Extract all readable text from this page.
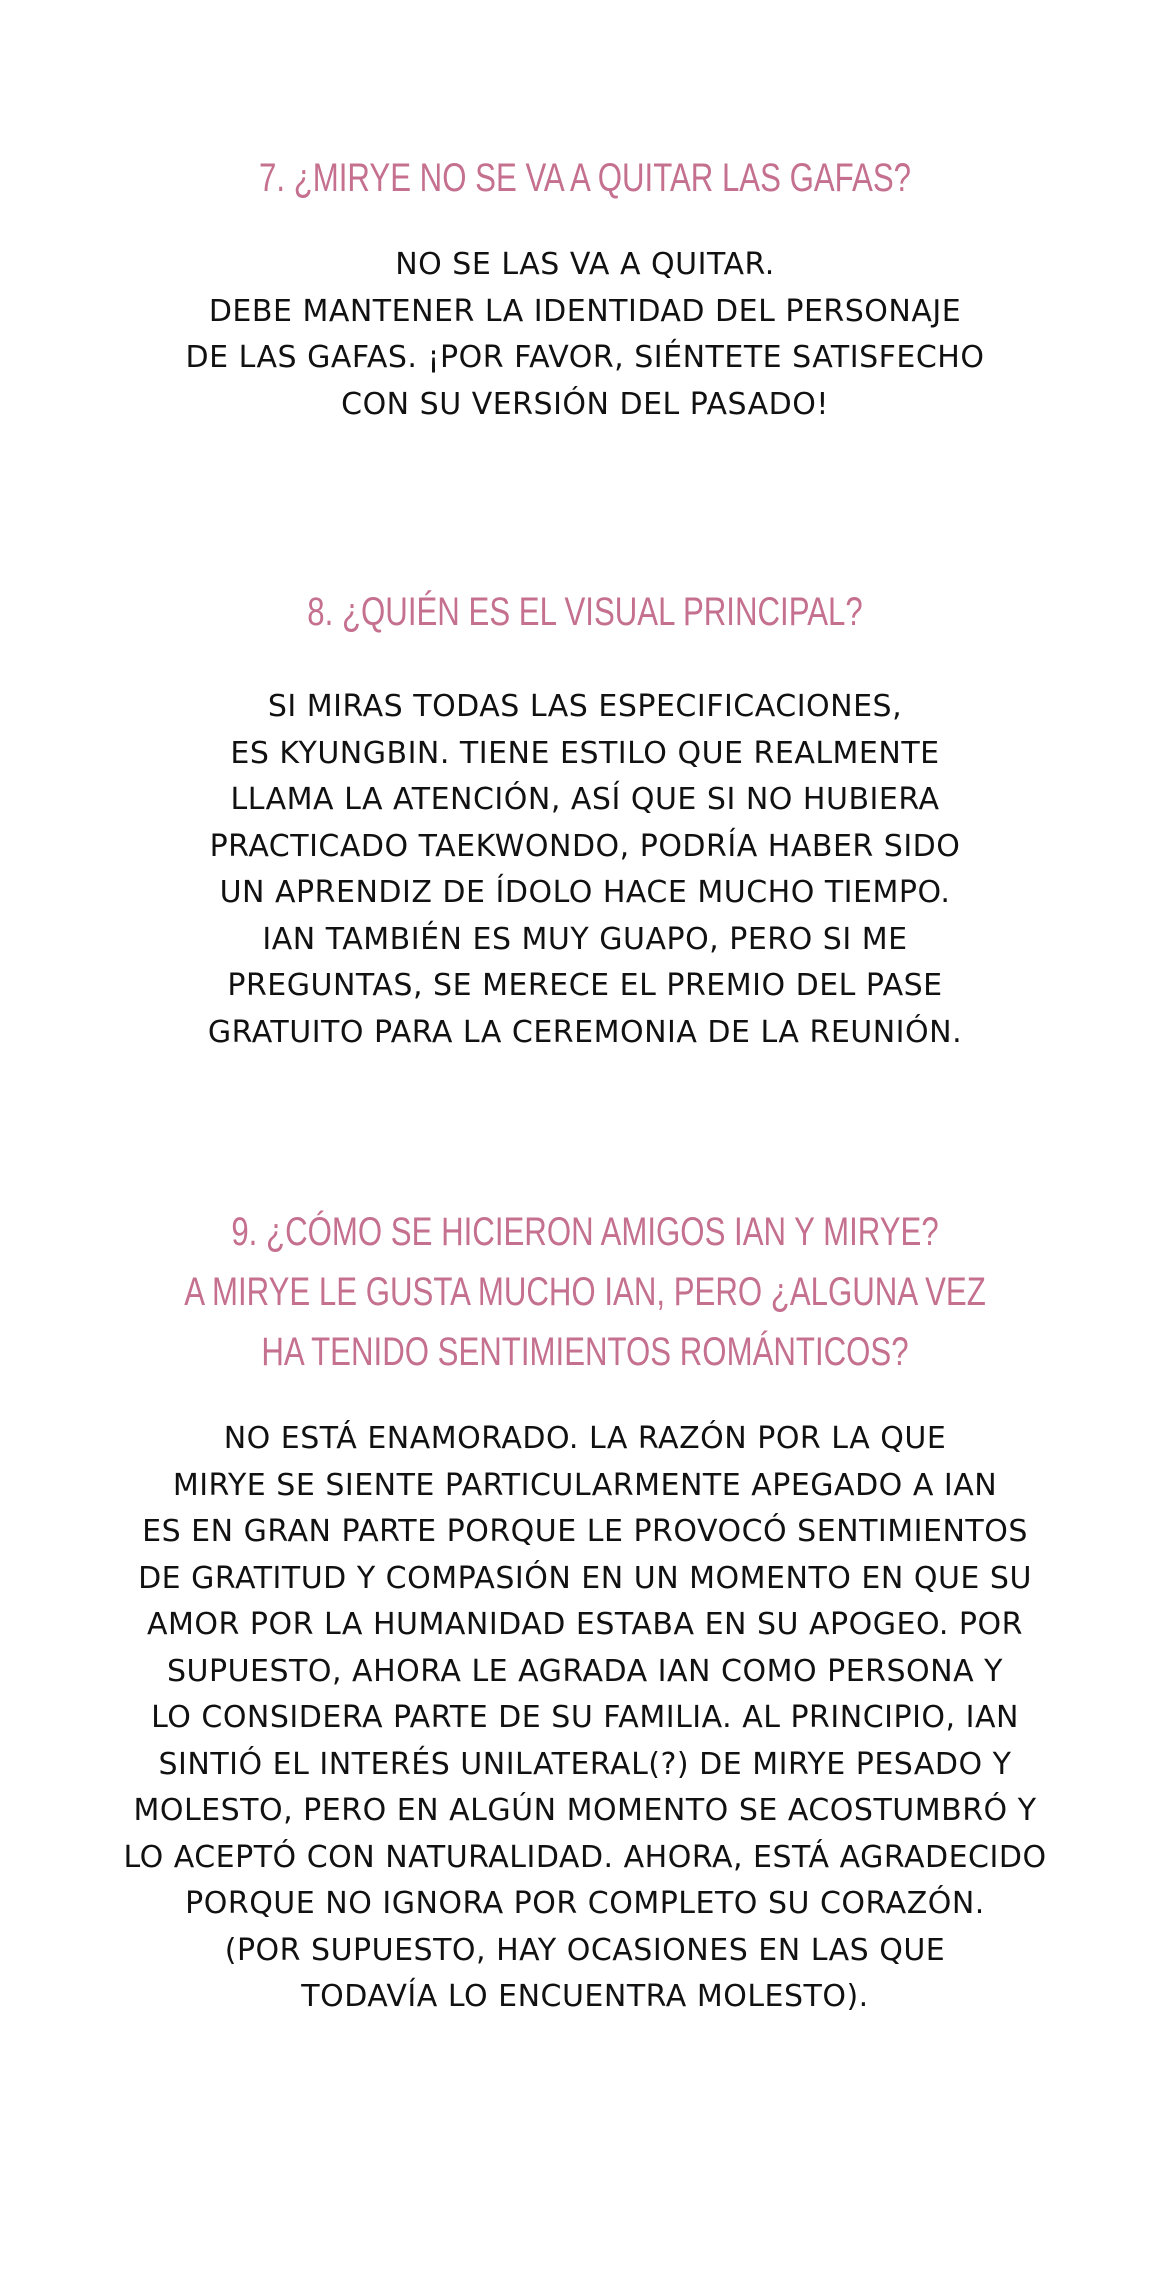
7. ¿MIRYE NO SE VA A QUITAR LAS GAFAS?
NO SE LAS VA A QUITAR.
DEBE MANTENER LA IDENTIDAD DEL PERSONAJE
DE LAS GAFAS. ¡POR FAVOR, SIÉNTETE SATISFECHO
CON SU VERSIÓN DEL PASADO!
8. ¿QUIÉN ES EL VISUAL PRINCIPAL?
SI MIRAS TODAS LAS ESPECIFICACIONES,
ES KYUNGBIN. TIENE ESTILO QUE REALMENTE
LLAMA LA ATENCIÓN, ASÍ QUE SI NO HUBIERA
PRACTICADO TAEKWONDO, PODRÍA HABER SIDO
UN APRENDIZ DE ÍDOLO HACE MUCHO TIEMPO.
IAN TAMBIÉN ES MUY GUAPO, PERO SI ME
PREGUNTAS, SE MERECE EL PREMIO DEL PASE
GRATUITO PARA LA CEREMONIA DE LA REUNIÓN.
9. ¿CÓMO SE HICIERON AMIGOS IAN Y MIRYE?
A MIRYE LE GUSTA MUCHO IAN, PERO ¿ALGUNA VEZ
HA TENIDO SENTIMIENTOS ROMÁNTICOS?
NO ESTÁ ENAMORADO. LA RAZÓN POR LA QUE
MIRYE SE SIENTE PARTICULARMENTE APEGADO A IAN
ES EN GRAN PARTE PORQUE LE PROVOCÓ SENTIMIENTOS
DE GRATITUD Y COMPASIÓN EN UN MOMENTO EN QUE SU
AMOR POR LA HUMANIDAD ESTABA EN SU APOGEO. POR
SUPUESTO, AHORA LE AGRADA IAN COMO PERSONA Y
LO CONSIDERA PARTE DE SU FAMILIA. AL PRINCIPIO, IAN
SINTIÓ EL INTERÉS UNILATERAL(?) DE MIRYE PESADO Y
MOLESTO, PERO EN ALGÚN MOMENTO SE ACOSTUMBRÓ Y
LO ACEPTÓ CON NATURALIDAD. AHORA, ESTÁ AGRADECIDO
PORQUE NO IGNORA POR COMPLETO SU CORAZÓN.
(POR SUPUESTO, HAY OCASIONES EN LAS QUE
TODAVÍA LO ENCUENTRA MOLESTO).
